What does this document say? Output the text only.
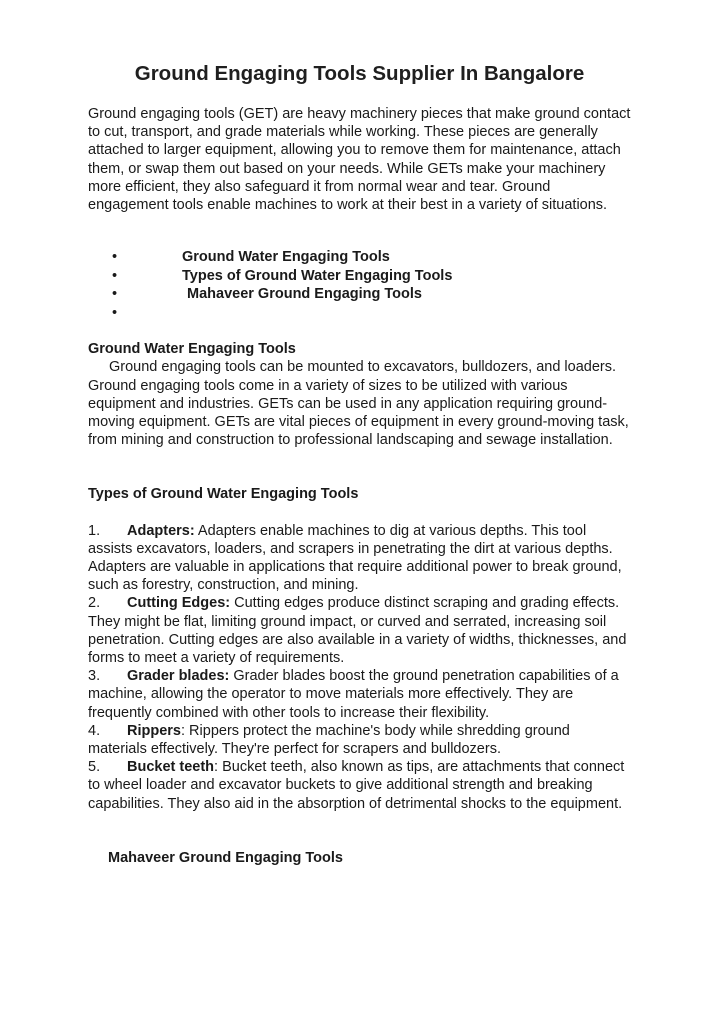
Ground Engaging Tools Supplier In Bangalore

Ground engaging tools (GET) are heavy machinery pieces that make ground contact to cut, transport, and grade materials while working. These pieces are generally attached to larger equipment, allowing you to remove them for maintenance, attach them, or swap them out based on your needs. While GETs make your machinery more efficient, they also safeguard it from normal wear and tear. Ground engagement tools enable machines to work at their best in a variety of situations.

•	Ground Water Engaging Tools
•	Types of Ground Water Engaging Tools
•	Mahaveer Ground Engaging Tools
•
Ground Water Engaging Tools

Ground engaging tools can be mounted to excavators, bulldozers, and loaders. Ground engaging tools come in a variety of sizes to be utilized with various equipment and industries. GETs can be used in any application requiring ground-moving equipment. GETs are vital pieces of equipment in every ground-moving task, from mining and construction to professional landscaping and sewage installation.

Types of Ground Water Engaging Tools
1. Adapters: Adapters enable machines to dig at various depths. This tool assists excavators, loaders, and scrapers in penetrating the dirt at various depths. Adapters are valuable in applications that require additional power to break ground, such as forestry, construction, and mining.
2. Cutting Edges: Cutting edges produce distinct scraping and grading effects. They might be flat, limiting ground impact, or curved and serrated, increasing soil penetration. Cutting edges are also available in a variety of widths, thicknesses, and forms to meet a variety of requirements.
3. Grader blades: Grader blades boost the ground penetration capabilities of a machine, allowing the operator to move materials more effectively. They are frequently combined with other tools to increase their flexibility.
4. Rippers: Rippers protect the machine's body while shredding ground materials effectively. They're perfect for scrapers and bulldozers.
5. Bucket teeth: Bucket teeth, also known as tips, are attachments that connect to wheel loader and excavator buckets to give additional strength and breaking capabilities. They also aid in the absorption of detrimental shocks to the equipment.
Mahaveer Ground Engaging Tools
